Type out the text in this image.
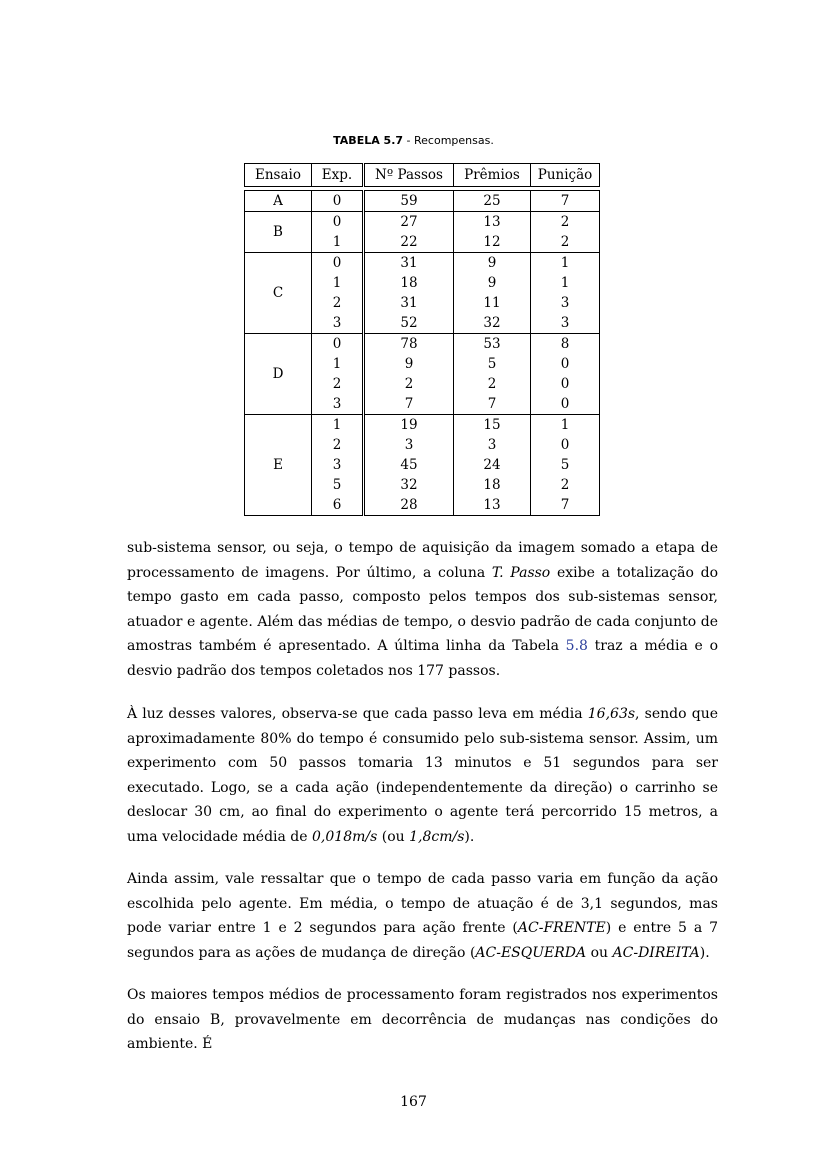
TABELA 5.7 - Recompensas.
Ensaio	Exp.	Nº Passos	Prêmios	Punição

A	0	59	25	7
B	0	27	13	2
	1	22	12	2
C	0	31	9	1
	1	18	9	1
	2	31	11	3
	3	52	32	3
D	0	78	53	8
	1	9	5	0
	2	2	2	0
	3	7	7	0
E	1	19	15	1
	2	3	3	0
	3	45	24	5
	5	32	18	2
	6	28	13	7
sub-sistema sensor, ou seja, o tempo de aquisição da imagem somado a etapa de processamento de imagens. Por último, a coluna T. Passo exibe a totalização do tempo gasto em cada passo, composto pelos tempos dos sub-sistemas sensor, atuador e agente. Além das médias de tempo, o desvio padrão de cada conjunto de amostras também é apresentado. A última linha da Tabela 5.8 traz a média e o desvio padrão dos tempos coletados nos 177 passos.
À luz desses valores, observa-se que cada passo leva em média 16,63s, sendo que aproximadamente 80% do tempo é consumido pelo sub-sistema sensor. Assim, um experimento com 50 passos tomaria 13 minutos e 51 segundos para ser executado. Logo, se a cada ação (independentemente da direção) o carrinho se deslocar 30 cm, ao final do experimento o agente terá percorrido 15 metros, a uma velocidade média de 0,018m/s (ou 1,8cm/s).
Ainda assim, vale ressaltar que o tempo de cada passo varia em função da ação escolhida pelo agente. Em média, o tempo de atuação é de 3,1 segundos, mas pode variar entre 1 e 2 segundos para ação frente (AC-FRENTE) e entre 5 a 7 segundos para as ações de mudança de direção (AC-ESQUERDA ou AC-DIREITA).
Os maiores tempos médios de processamento foram registrados nos experimentos do ensaio B, provavelmente em decorrência de mudanças nas condições do ambiente. É
167
